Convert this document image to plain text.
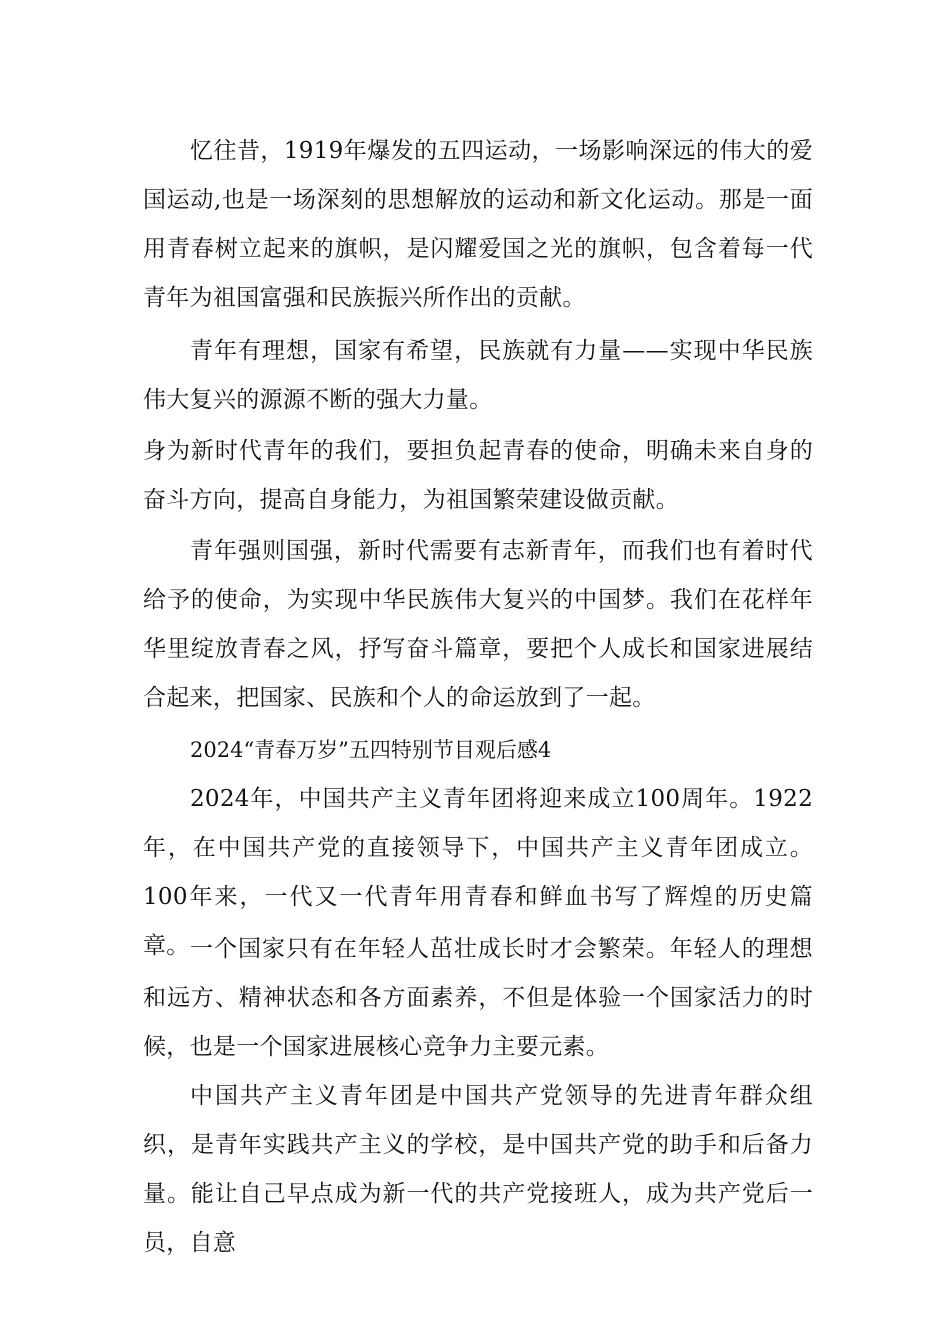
忆往昔，1919年爆发的五四运动，一场影响深远的伟大的爱国运动,也是一场深刻的思想解放的运动和新文化运动。那是一面用青春树立起来的旗帜，是闪耀爱国之光的旗帜，包含着每一代青年为祖国富强和民族振兴所作出的贡献。

青年有理想，国家有希望，民族就有力量——实现中华民族伟大复兴的源源不断的强大力量。

身为新时代青年的我们，要担负起青春的使命，明确未来自身的奋斗方向，提高自身能力，为祖国繁荣建设做贡献。

青年强则国强，新时代需要有志新青年，而我们也有着时代给予的使命，为实现中华民族伟大复兴的中国梦。我们在花样年华里绽放青春之风，抒写奋斗篇章，要把个人成长和国家进展结合起来，把国家、民族和个人的命运放到了一起。

2024“青春万岁”五四特别节目观后感4

2024年，中国共产主义青年团将迎来成立100周年。1922年，在中国共产党的直接领导下，中国共产主义青年团成立。100年来，一代又一代青年用青春和鲜血书写了辉煌的历史篇章。 一个国家只有在年轻人茁壮成长时才会繁荣。年轻人的理想和远方、精神状态和各方面素养，不但是体验一个国家活力的时候，也是一个国家进展核心竞争力主要元素。

中国共产主义青年团是中国共产党领导的先进青年群众组织，是青年实践共产主义的学校，是中国共产党的助手和后备力量。能让自己早点成为新一代的共产党接班人，成为共产党后一员，自意
